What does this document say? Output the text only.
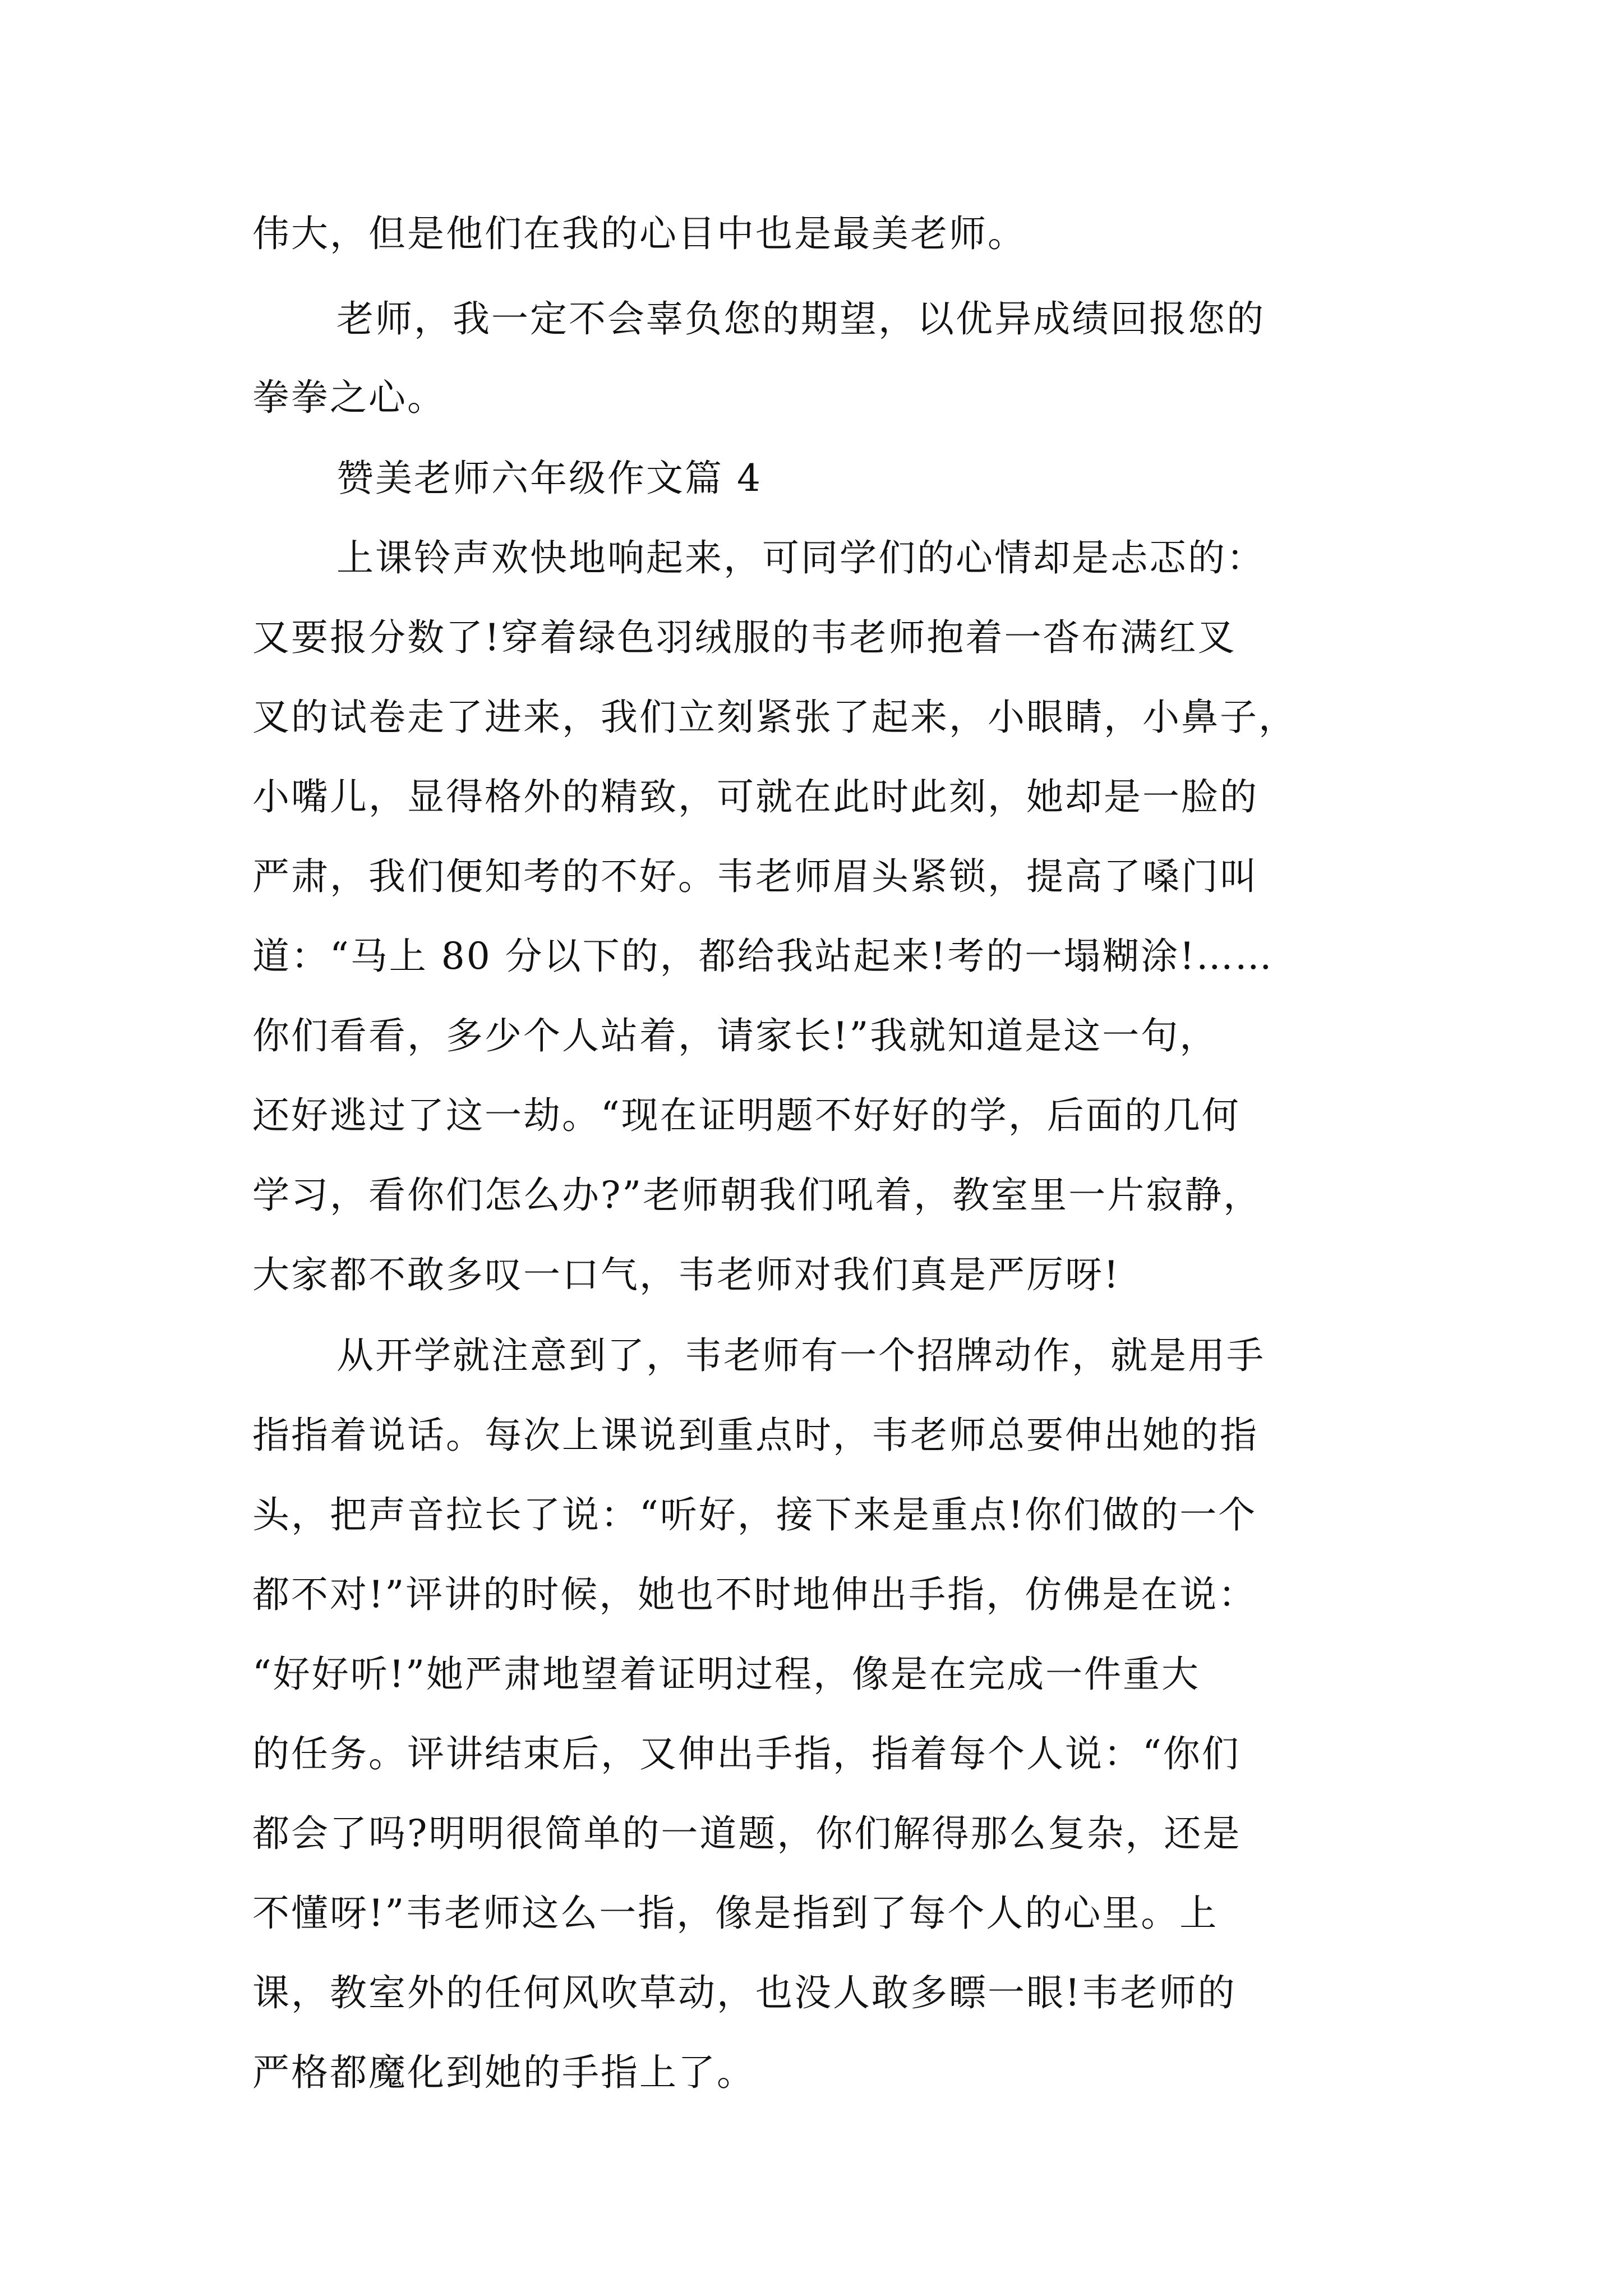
伟大，但是他们在我的心目中也是最美老师。

老师，我一定不会辜负您的期望，以优异成绩回报您的

拳拳之心。

赞美老师六年级作文篇 4

上课铃声欢快地响起来，可同学们的心情却是忐忑的：

又要报分数了!穿着绿色羽绒服的韦老师抱着一沓布满红叉

叉的试卷走了进来，我们立刻紧张了起来，小眼睛，小鼻子，

小嘴儿，显得格外的精致，可就在此时此刻，她却是一脸的

严肃，我们便知考的不好。韦老师眉头紧锁，提高了嗓门叫

道：“马上 80 分以下的，都给我站起来!考的一塌糊涂!……

你们看看，多少个人站着，请家长!”我就知道是这一句，

还好逃过了这一劫。“现在证明题不好好的学，后面的几何

学习，看你们怎么办?”老师朝我们吼着，教室里一片寂静，

大家都不敢多叹一口气，韦老师对我们真是严厉呀!

从开学就注意到了，韦老师有一个招牌动作，就是用手

指指着说话。每次上课说到重点时，韦老师总要伸出她的指

头，把声音拉长了说：“听好，接下来是重点!你们做的一个

都不对!”评讲的时候，她也不时地伸出手指，仿佛是在说：

“好好听!”她严肃地望着证明过程，像是在完成一件重大

的任务。评讲结束后，又伸出手指，指着每个人说：“你们

都会了吗?明明很简单的一道题，你们解得那么复杂，还是

不懂呀!”韦老师这么一指，像是指到了每个人的心里。上

课，教室外的任何风吹草动，也没人敢多瞟一眼!韦老师的

严格都魔化到她的手指上了。
